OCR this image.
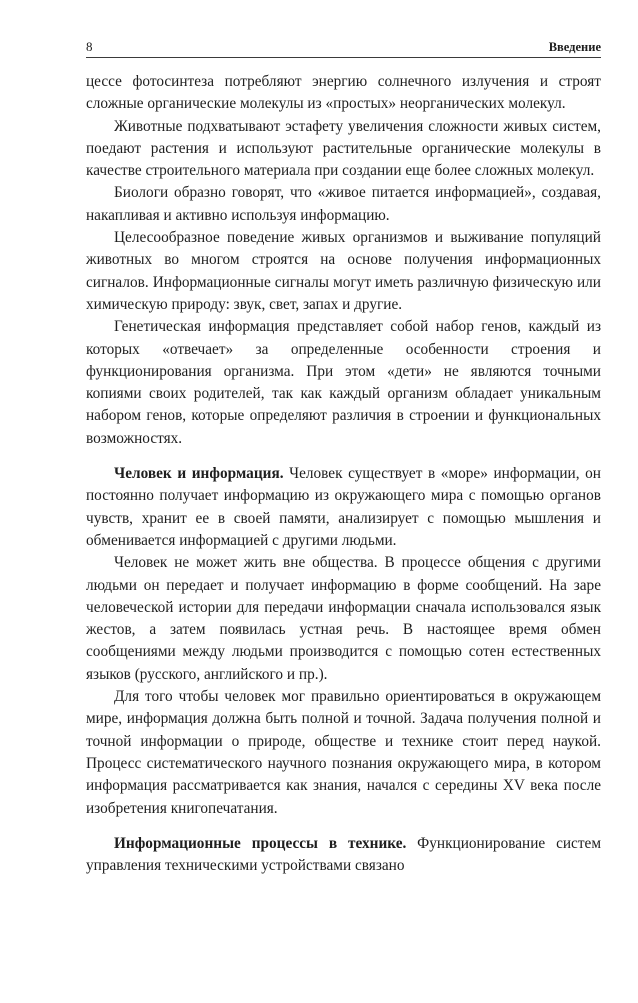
8	Введение

цессе фотосинтеза потребляют энергию солнечного излучения и строят сложные органические молекулы из «простых» неорганических молекул.

Животные подхватывают эстафету увеличения сложности живых систем, поедают растения и используют растительные органические молекулы в качестве строительного материала при создании еще более сложных молекул.

Биологи образно говорят, что «живое питается информацией», создавая, накапливая и активно используя информацию.

Целесообразное поведение живых организмов и выживание популяций животных во многом строятся на основе получения информационных сигналов. Информационные сигналы могут иметь различную физическую или химическую природу: звук, свет, запах и другие.

Генетическая информация представляет собой набор генов, каждый из которых «отвечает» за определенные особенности строения и функционирования организма. При этом «дети» не являются точными копиями своих родителей, так как каждый организм обладает уникальным набором генов, которые определяют различия в строении и функциональных возможностях.

Человек и информация. Человек существует в «море» информации, он постоянно получает информацию из окружающего мира с помощью органов чувств, хранит ее в своей памяти, анализирует с помощью мышления и обменивается информацией с другими людьми.

Человек не может жить вне общества. В процессе общения с другими людьми он передает и получает информацию в форме сообщений. На заре человеческой истории для передачи информации сначала использовался язык жестов, а затем появилась устная речь. В настоящее время обмен сообщениями между людьми производится с помощью сотен естественных языков (русского, английского и пр.).

Для того чтобы человек мог правильно ориентироваться в окружающем мире, информация должна быть полной и точной. Задача получения полной и точной информации о природе, обществе и технике стоит перед наукой. Процесс систематического научного познания окружающего мира, в котором информация рассматривается как знания, начался с середины XV века после изобретения книгопечатания.

Информационные процессы в технике. Функционирование систем управления техническими устройствами связано
